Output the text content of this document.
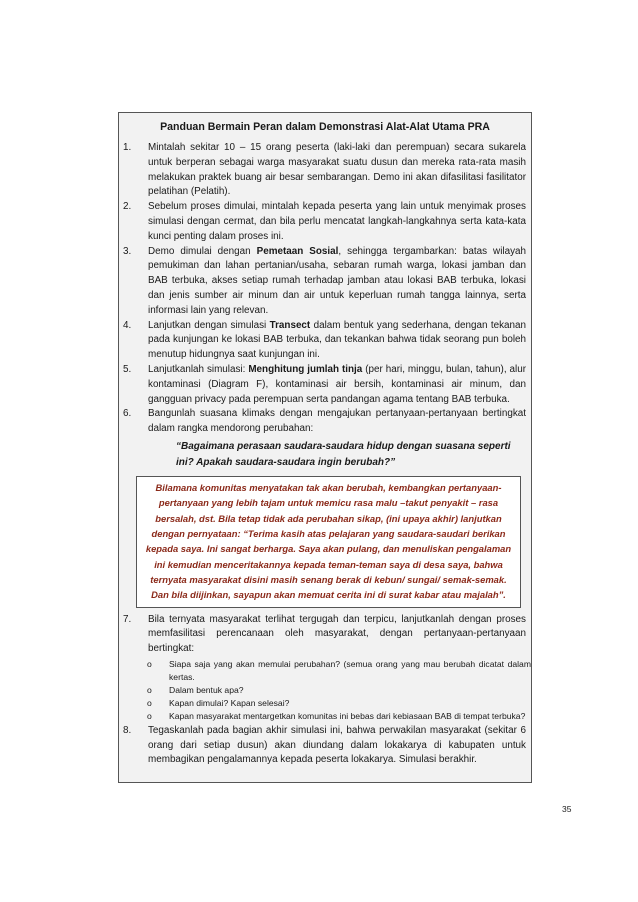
Panduan Bermain Peran dalam Demonstrasi Alat-Alat Utama PRA
1. Mintalah sekitar 10 – 15 orang peserta (laki-laki dan perempuan) secara sukarela untuk berperan sebagai warga masyarakat suatu dusun dan mereka rata-rata masih melakukan praktek buang air besar sembarangan. Demo ini akan difasilitasi fasilitator pelatihan (Pelatih).
2. Sebelum proses dimulai, mintalah kepada peserta yang lain untuk menyimak proses simulasi dengan cermat, dan bila perlu mencatat langkah-langkahnya serta kata-kata kunci penting dalam proses ini.
3. Demo dimulai dengan Pemetaan Sosial, sehingga tergambarkan: batas wilayah pemukiman dan lahan pertanian/usaha, sebaran rumah warga, lokasi jamban dan BAB terbuka, akses setiap rumah terhadap jamban atau lokasi BAB terbuka, lokasi dan jenis sumber air minum dan air untuk keperluan rumah tangga lainnya, serta informasi lain yang relevan.
4. Lanjutkan dengan simulasi Transect dalam bentuk yang sederhana, dengan tekanan pada kunjungan ke lokasi BAB terbuka, dan tekankan bahwa tidak seorang pun boleh menutup hidungnya saat kunjungan ini.
5. Lanjutkanlah simulasi: Menghitung jumlah tinja (per hari, minggu, bulan, tahun), alur kontaminasi (Diagram F), kontaminasi air bersih, kontaminasi air minum, dan gangguan privacy pada perempuan serta pandangan agama tentang BAB terbuka.
6. Bangunlah suasana klimaks dengan mengajukan pertanyaan-pertanyaan bertingkat dalam rangka mendorong perubahan:
“Bagaimana perasaan saudara-saudara hidup dengan suasana seperti ini? Apakah saudara-saudara ingin berubah?”
Bilamana komunitas menyatakan tak akan berubah, kembangkan pertanyaan-pertanyaan yang lebih tajam untuk memicu rasa malu –takut penyakit – rasa bersalah, dst. Bila tetap tidak ada perubahan sikap, (ini upaya akhir) lanjutkan dengan pernyataan: “Terima kasih atas pelajaran yang saudara-saudari berikan kepada saya. Ini sangat berharga. Saya akan pulang, dan menuliskan pengalaman ini kemudian menceritakannya kepada teman-teman saya di desa saya, bahwa ternyata masyarakat disini masih senang berak di kebun/ sungai/ semak-semak. Dan bila diijinkan, sayapun akan memuat cerita ini di surat kabar atau majalah”.
7. Bila ternyata masyarakat terlihat tergugah dan terpicu, lanjutkanlah dengan proses memfasilitasi perencanaan oleh masyarakat, dengan pertanyaan-pertanyaan bertingkat:
o Siapa saja yang akan memulai perubahan? (semua orang yang mau berubah dicatat dalam kertas.
o Dalam bentuk apa?
o Kapan dimulai? Kapan selesai?
o Kapan masyarakat mentargetkan komunitas ini bebas dari kebiasaan BAB di tempat terbuka?
8. Tegaskanlah pada bagian akhir simulasi ini, bahwa perwakilan masyarakat (sekitar 6 orang dari setiap dusun) akan diundang dalam lokakarya di kabupaten untuk membagikan pengalamannya kepada peserta lokakarya. Simulasi berakhir.
35
